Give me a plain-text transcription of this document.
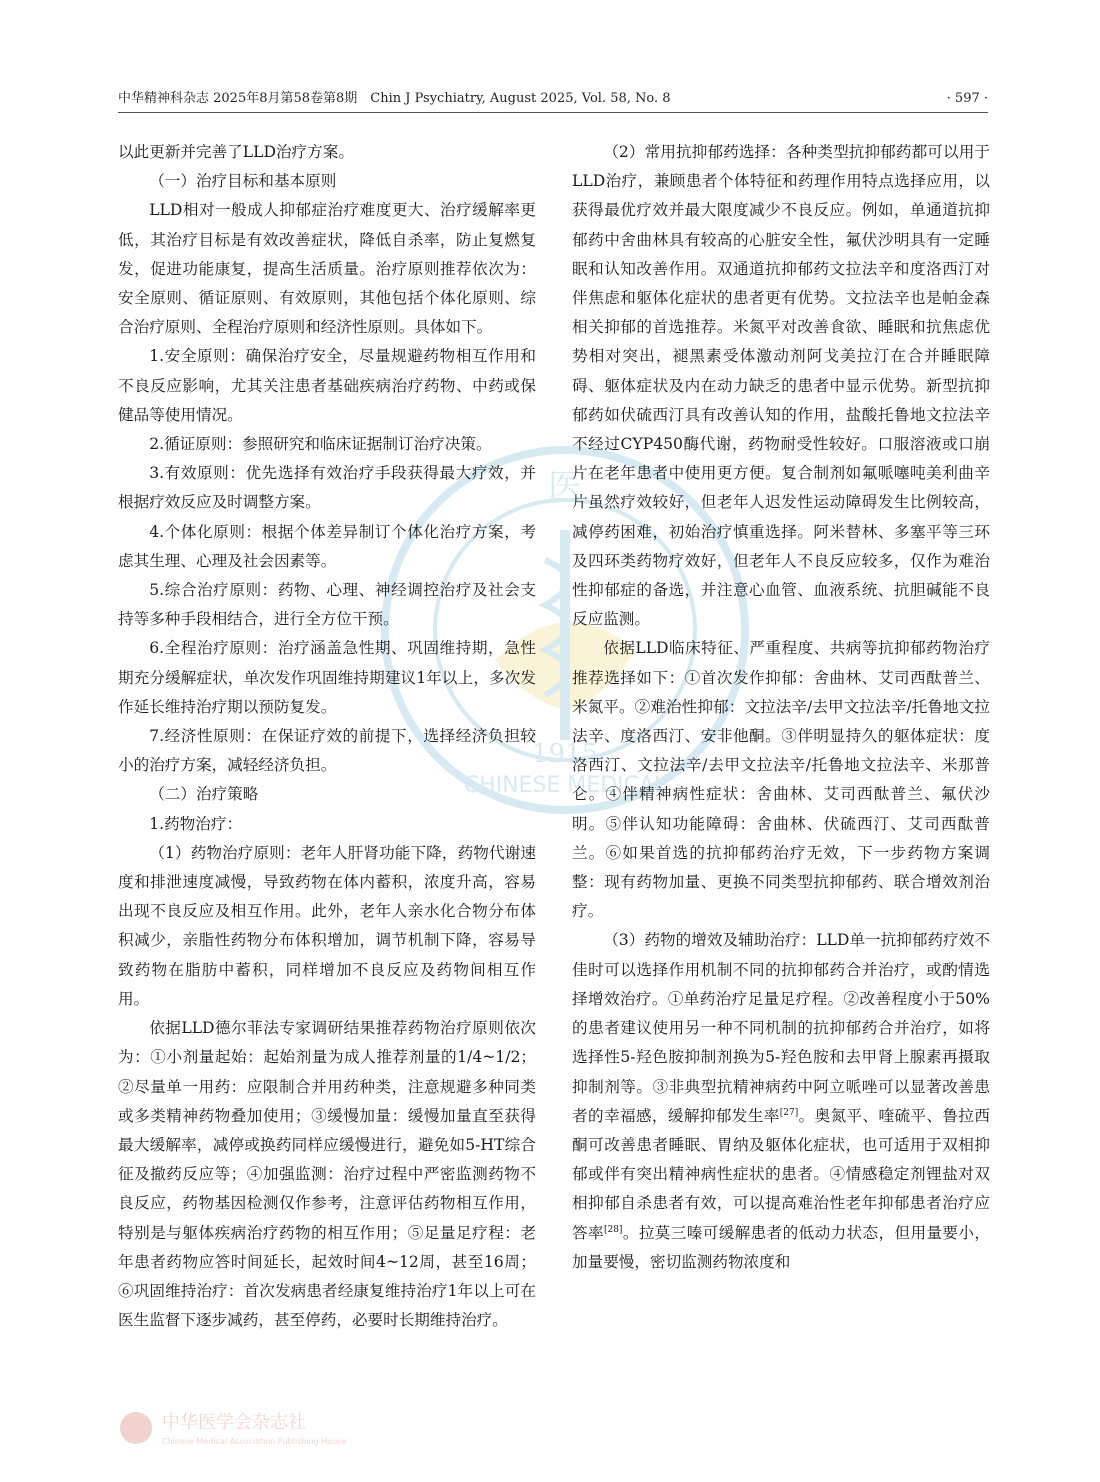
医
1915
CHINESE MEDICAL
中华精神科杂志 2025年8月第58卷第8期　Chin J Psychiatry, August 2025, Vol. 58, No. 8	· 597 ·

以此更新并完善了LLD治疗方案。

（一）治疗目标和基本原则

LLD相对一般成人抑郁症治疗难度更大、治疗缓解率更低，其治疗目标是有效改善症状，降低自杀率，防止复燃复发，促进功能康复，提高生活质量。治疗原则推荐依次为：安全原则、循证原则、有效原则，其他包括个体化原则、综合治疗原则、全程治疗原则和经济性原则。具体如下。

1.安全原则：确保治疗安全，尽量规避药物相互作用和不良反应影响，尤其关注患者基础疾病治疗药物、中药或保健品等使用情况。

2.循证原则：参照研究和临床证据制订治疗决策。

3.有效原则：优先选择有效治疗手段获得最大疗效，并根据疗效反应及时调整方案。

4.个体化原则：根据个体差异制订个体化治疗方案，考虑其生理、心理及社会因素等。

5.综合治疗原则：药物、心理、神经调控治疗及社会支持等多种手段相结合，进行全方位干预。

6.全程治疗原则：治疗涵盖急性期、巩固维持期，急性期充分缓解症状，单次发作巩固维持期建议1年以上，多次发作延长维持治疗期以预防复发。

7.经济性原则：在保证疗效的前提下，选择经济负担较小的治疗方案，减轻经济负担。

（二）治疗策略

1.药物治疗：

（1）药物治疗原则：老年人肝肾功能下降，药物代谢速度和排泄速度减慢，导致药物在体内蓄积，浓度升高，容易出现不良反应及相互作用。此外，老年人亲水化合物分布体积减少，亲脂性药物分布体积增加，调节机制下降，容易导致药物在脂肪中蓄积，同样增加不良反应及药物间相互作用。

依据LLD德尔菲法专家调研结果推荐药物治疗原则依次为：①小剂量起始：起始剂量为成人推荐剂量的1/4~1/2；②尽量单一用药：应限制合并用药种类，注意规避多种同类或多类精神药物叠加使用；③缓慢加量：缓慢加量直至获得最大缓解率，减停或换药同样应缓慢进行，避免如5-HT综合征及撤药反应等；④加强监测：治疗过程中严密监测药物不良反应，药物基因检测仅作参考，注意评估药物相互作用，特别是与躯体疾病治疗药物的相互作用；⑤足量足疗程：老年患者药物应答时间延长，起效时间4~12周，甚至16周；⑥巩固维持治疗：首次发病患者经康复维持治疗1年以上可在医生监督下逐步减药，甚至停药，必要时长期维持治疗。

（2）常用抗抑郁药选择：各种类型抗抑郁药都可以用于LLD治疗，兼顾患者个体特征和药理作用特点选择应用，以获得最优疗效并最大限度减少不良反应。例如，单通道抗抑郁药中舍曲林具有较高的心脏安全性，氟伏沙明具有一定睡眠和认知改善作用。双通道抗抑郁药文拉法辛和度洛西汀对伴焦虑和躯体化症状的患者更有优势。文拉法辛也是帕金森相关抑郁的首选推荐。米氮平对改善食欲、睡眠和抗焦虑优势相对突出，褪黑素受体激动剂阿戈美拉汀在合并睡眠障碍、躯体症状及内在动力缺乏的患者中显示优势。新型抗抑郁药如伏硫西汀具有改善认知的作用，盐酸托鲁地文拉法辛不经过CYP450酶代谢，药物耐受性较好。口服溶液或口崩片在老年患者中使用更方便。复合制剂如氟哌噻吨美利曲辛片虽然疗效较好，但老年人迟发性运动障碍发生比例较高，减停药困难，初始治疗慎重选择。阿米替林、多塞平等三环及四环类药物疗效好，但老年人不良反应较多，仅作为难治性抑郁症的备选，并注意心血管、血液系统、抗胆碱能不良反应监测。

依据LLD临床特征、严重程度、共病等抗抑郁药物治疗推荐选择如下：①首次发作抑郁：舍曲林、艾司西酞普兰、米氮平。②难治性抑郁：文拉法辛/去甲文拉法辛/托鲁地文拉法辛、度洛西汀、安非他酮。③伴明显持久的躯体症状：度洛西汀、文拉法辛/去甲文拉法辛/托鲁地文拉法辛、米那普仑。④伴精神病性症状：舍曲林、艾司西酞普兰、氟伏沙明。⑤伴认知功能障碍：舍曲林、伏硫西汀、艾司西酞普兰。⑥如果首选的抗抑郁药治疗无效，下一步药物方案调整：现有药物加量、更换不同类型抗抑郁药、联合增效剂治疗。

（3）药物的增效及辅助治疗：LLD单一抗抑郁药疗效不佳时可以选择作用机制不同的抗抑郁药合并治疗，或酌情选择增效治疗。①单药治疗足量足疗程。②改善程度小于50%的患者建议使用另一种不同机制的抗抑郁药合并治疗，如将选择性5-羟色胺抑制剂换为5-羟色胺和去甲肾上腺素再摄取抑制剂等。③非典型抗精神病药中阿立哌唑可以显著改善患者的幸福感，缓解抑郁发生率[27]。奥氮平、喹硫平、鲁拉西酮可改善患者睡眠、胃纳及躯体化症状，也可适用于双相抑郁或伴有突出精神病性症状的患者。④情感稳定剂锂盐对双相抑郁自杀患者有效，可以提高难治性老年抑郁患者治疗应答率[28]。拉莫三嗪可缓解患者的低动力状态，但用量要小，加量要慢，密切监测药物浓度和

中华医学会杂志社
Chinese Medical Association Publishing House
